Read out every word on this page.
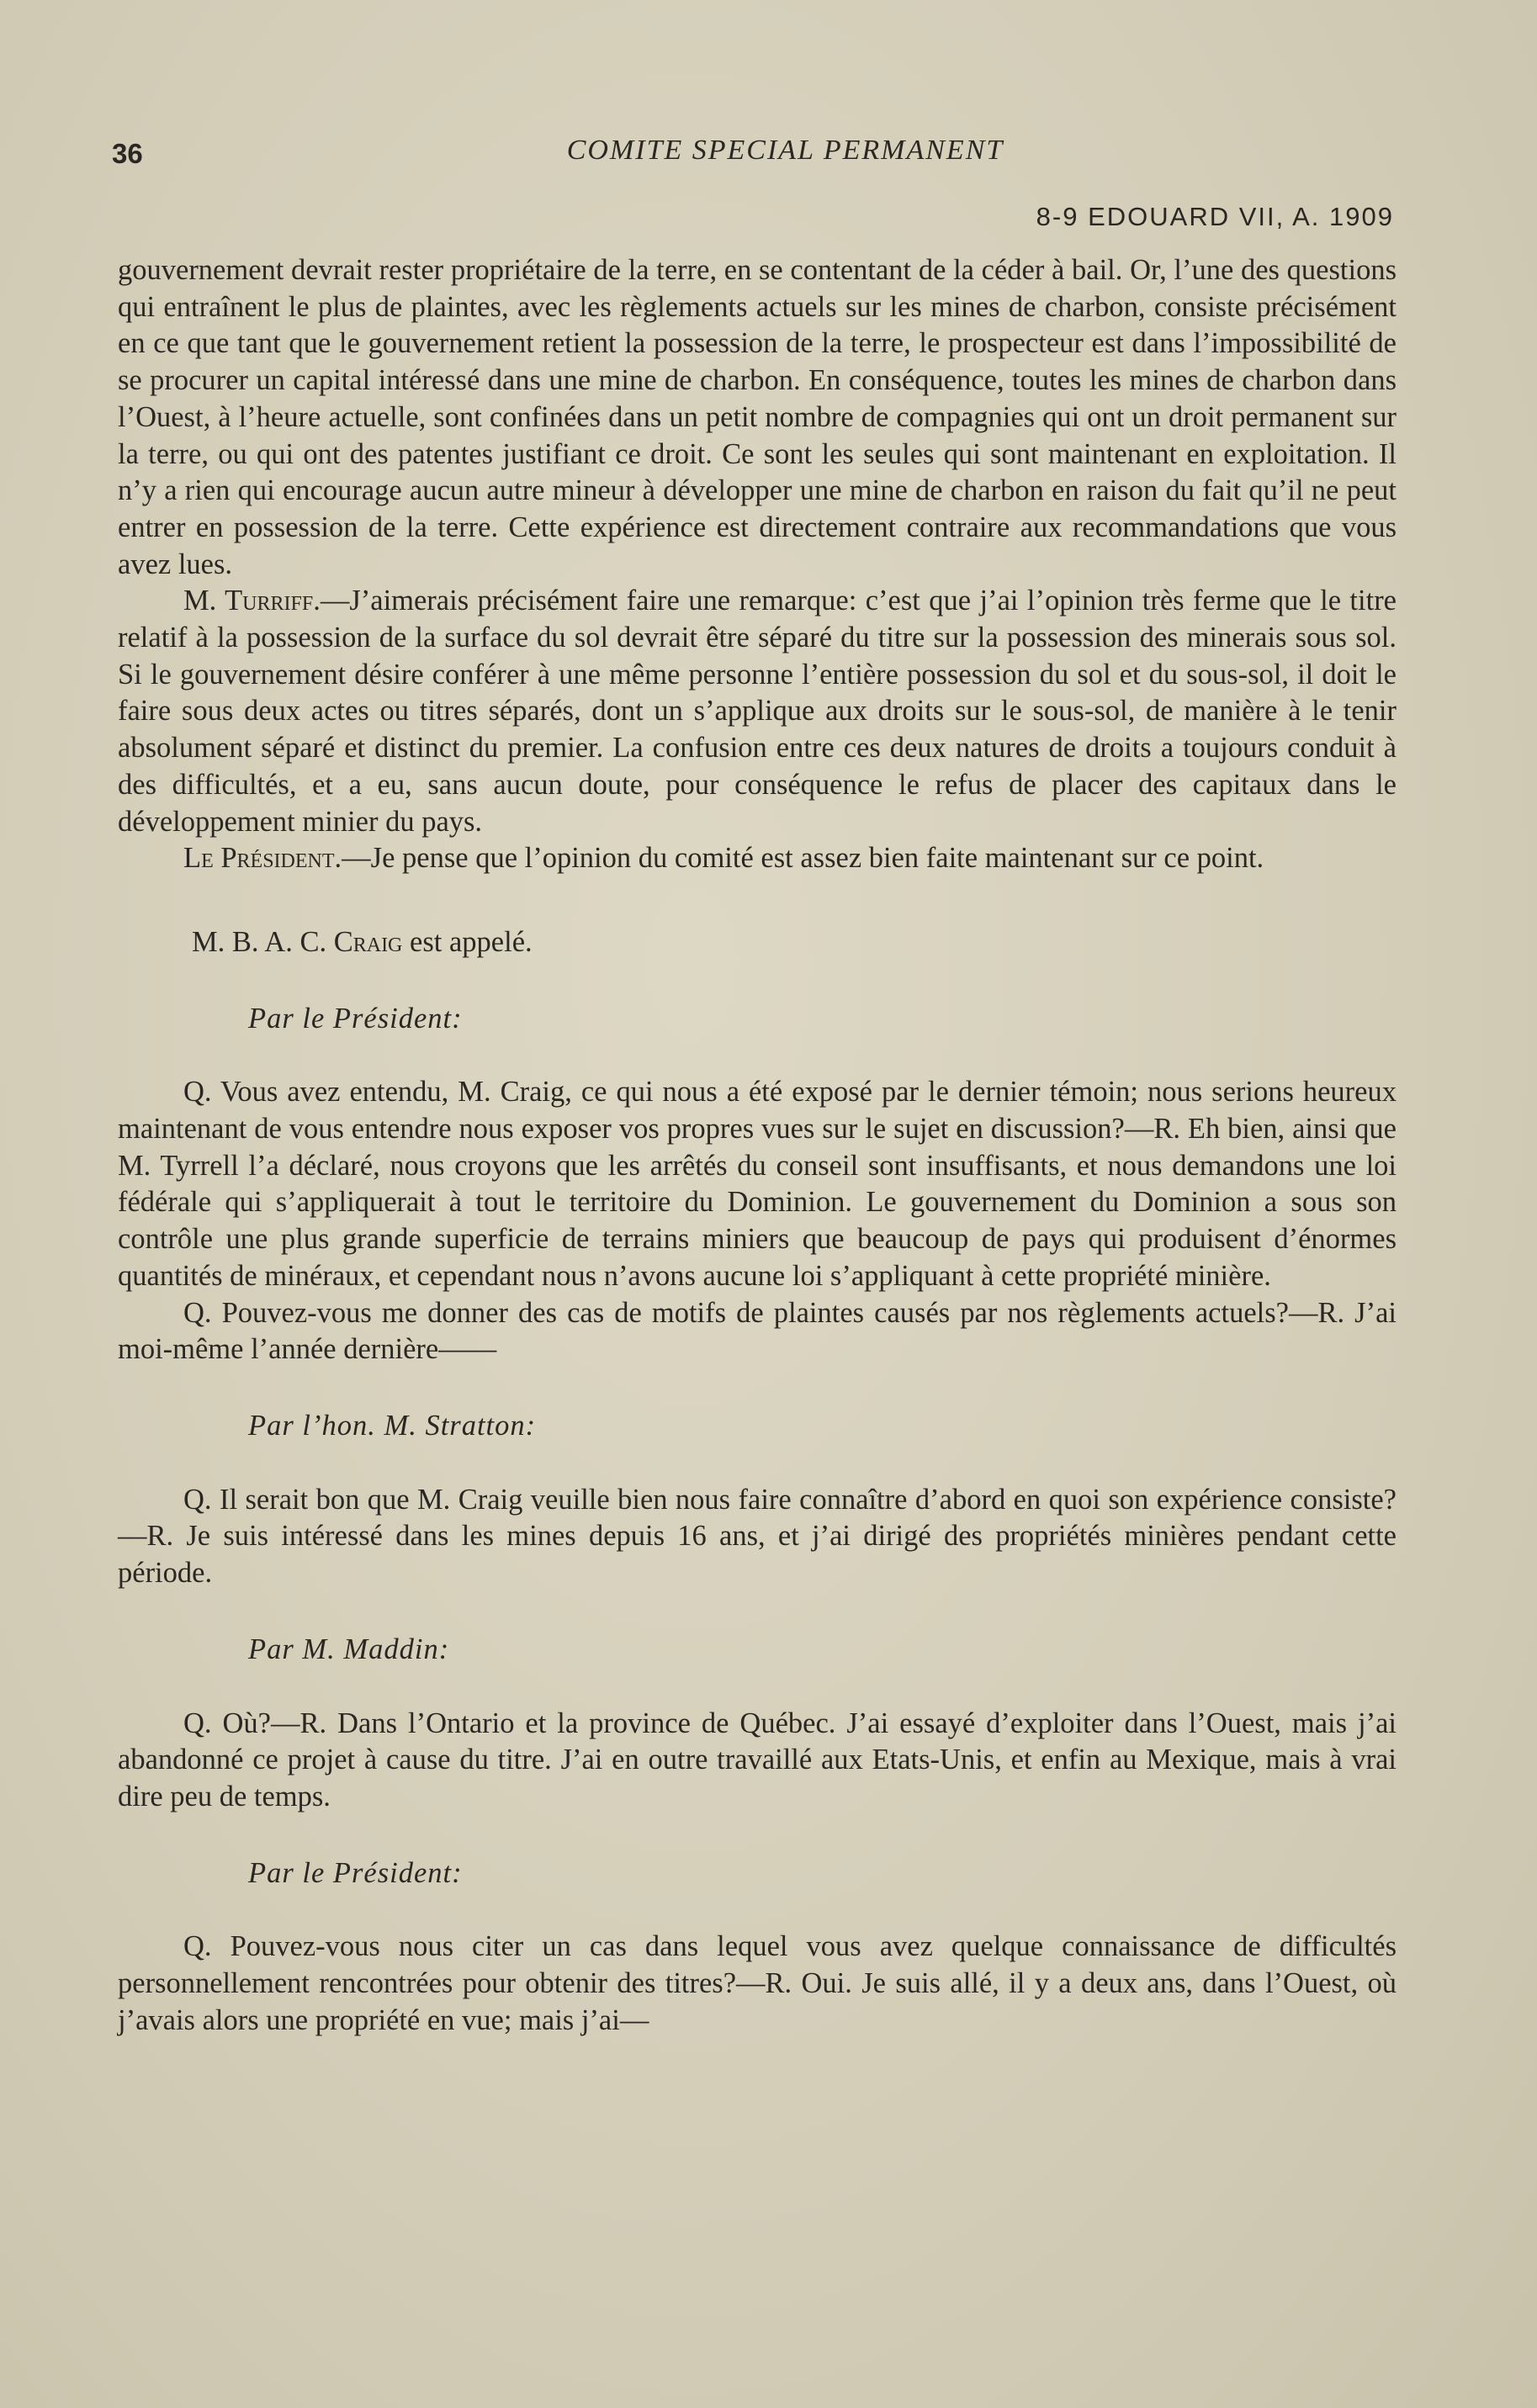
36	COMITE SPECIAL PERMANENT
8-9 EDOUARD VII, A. 1909

gouvernement devrait rester propriétaire de la terre, en se contentant de la céder à bail. Or, l’une des questions qui entraînent le plus de plaintes, avec les règlements actuels sur les mines de charbon, consiste précisément en ce que tant que le gouvernement retient la possession de la terre, le prospecteur est dans l’impossibilité de se procurer un capital intéressé dans une mine de charbon. En conséquence, toutes les mines de charbon dans l’Ouest, à l’heure actuelle, sont confinées dans un petit nombre de compagnies qui ont un droit permanent sur la terre, ou qui ont des patentes justifiant ce droit. Ce sont les seules qui sont maintenant en exploitation. Il n’y a rien qui encourage aucun autre mineur à développer une mine de charbon en raison du fait qu’il ne peut entrer en possession de la terre. Cette expérience est directement contraire aux recommandations que vous avez lues.

M. Turriff.—J’aimerais précisément faire une remarque: c’est que j’ai l’opinion très ferme que le titre relatif à la possession de la surface du sol devrait être séparé du titre sur la possession des minerais sous sol. Si le gouvernement désire conférer à une même personne l’entière possession du sol et du sous-sol, il doit le faire sous deux actes ou titres séparés, dont un s’applique aux droits sur le sous-sol, de manière à le tenir absolument séparé et distinct du premier. La confusion entre ces deux natures de droits a toujours conduit à des difficultés, et a eu, sans aucun doute, pour conséquence le refus de placer des capitaux dans le développement minier du pays.

Le Président.—Je pense que l’opinion du comité est assez bien faite maintenant sur ce point.

M. B. A. C. Craig est appelé.

Par le Président:

Q. Vous avez entendu, M. Craig, ce qui nous a été exposé par le dernier témoin; nous serions heureux maintenant de vous entendre nous exposer vos propres vues sur le sujet en discussion?—R. Eh bien, ainsi que M. Tyrrell l’a déclaré, nous croyons que les arrêtés du conseil sont insuffisants, et nous demandons une loi fédérale qui s’appliquerait à tout le territoire du Dominion. Le gouvernement du Dominion a sous son contrôle une plus grande superficie de terrains miniers que beaucoup de pays qui produisent d’énormes quantités de minéraux, et cependant nous n’avons aucune loi s’appliquant à cette propriété minière.

Q. Pouvez-vous me donner des cas de motifs de plaintes causés par nos règlements actuels?—R. J’ai moi-même l’année dernière——

Par l’hon. M. Stratton:

Q. Il serait bon que M. Craig veuille bien nous faire connaître d’abord en quoi son expérience consiste?—R. Je suis intéressé dans les mines depuis 16 ans, et j’ai dirigé des propriétés minières pendant cette période.

Par M. Maddin:

Q. Où?—R. Dans l’Ontario et la province de Québec. J’ai essayé d’exploiter dans l’Ouest, mais j’ai abandonné ce projet à cause du titre. J’ai en outre travaillé aux Etats-Unis, et enfin au Mexique, mais à vrai dire peu de temps.

Par le Président:

Q. Pouvez-vous nous citer un cas dans lequel vous avez quelque connaissance de difficultés personnellement rencontrées pour obtenir des titres?—R. Oui. Je suis allé, il y a deux ans, dans l’Ouest, où j’avais alors une propriété en vue; mais j’ai—
